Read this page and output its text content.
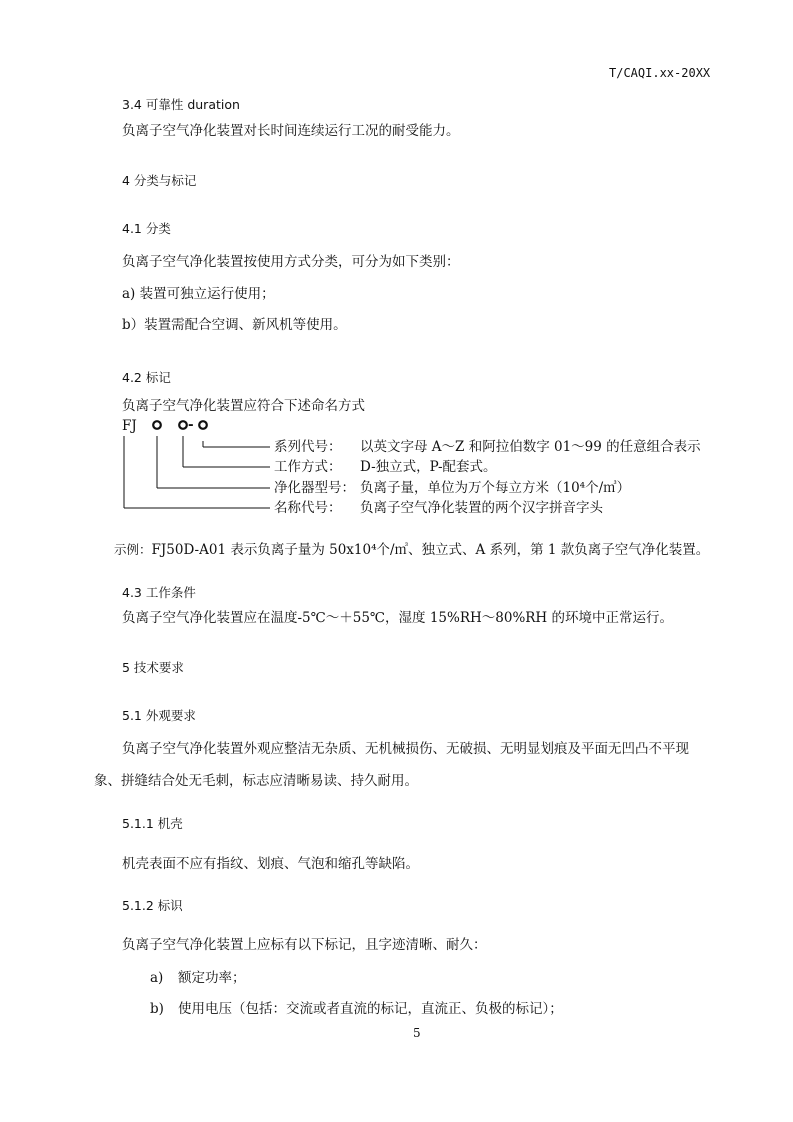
T/CAQI.xx-20XX
3.4 可靠性 duration
负离子空气净化装置对长时间连续运行工况的耐受能力。
4 分类与标记
4.1 分类
负离子空气净化装置按使用方式分类，可分为如下类别：
a) 装置可独立运行使用；
b）装置需配合空调、新风机等使用。
4.2 标记
负离子空气净化装置应符合下述命名方式
FJ	-
系列代号： 以英文字母 A～Z 和阿拉伯数字 01～99 的任意组合表示
工作方式： D-独立式，P-配套式。
净化器型号： 负离子量，单位为万个每立方米（10⁴个/㎥）
名称代号： 负离子空气净化装置的两个汉字拼音字头
示例：FJ50D-A01 表示负离子量为 50x10⁴个/㎥、独立式、A 系列，第 1 款负离子空气净化装置。
4.3 工作条件
负离子空气净化装置应在温度-5℃～＋55℃，湿度 15%RH～80%RH 的环境中正常运行。
5 技术要求
5.1 外观要求
负离子空气净化装置外观应整洁无杂质、无机械损伤、无破损、无明显划痕及平面无凹凸不平现
象、拼缝结合处无毛刺，标志应清晰易读、持久耐用。
5.1.1 机壳
机壳表面不应有指纹、划痕、气泡和缩孔等缺陷。
5.1.2 标识
负离子空气净化装置上应标有以下标记，且字迹清晰、耐久：
a) 额定功率；
b) 使用电压（包括：交流或者直流的标记，直流正、负极的标记）；
5
